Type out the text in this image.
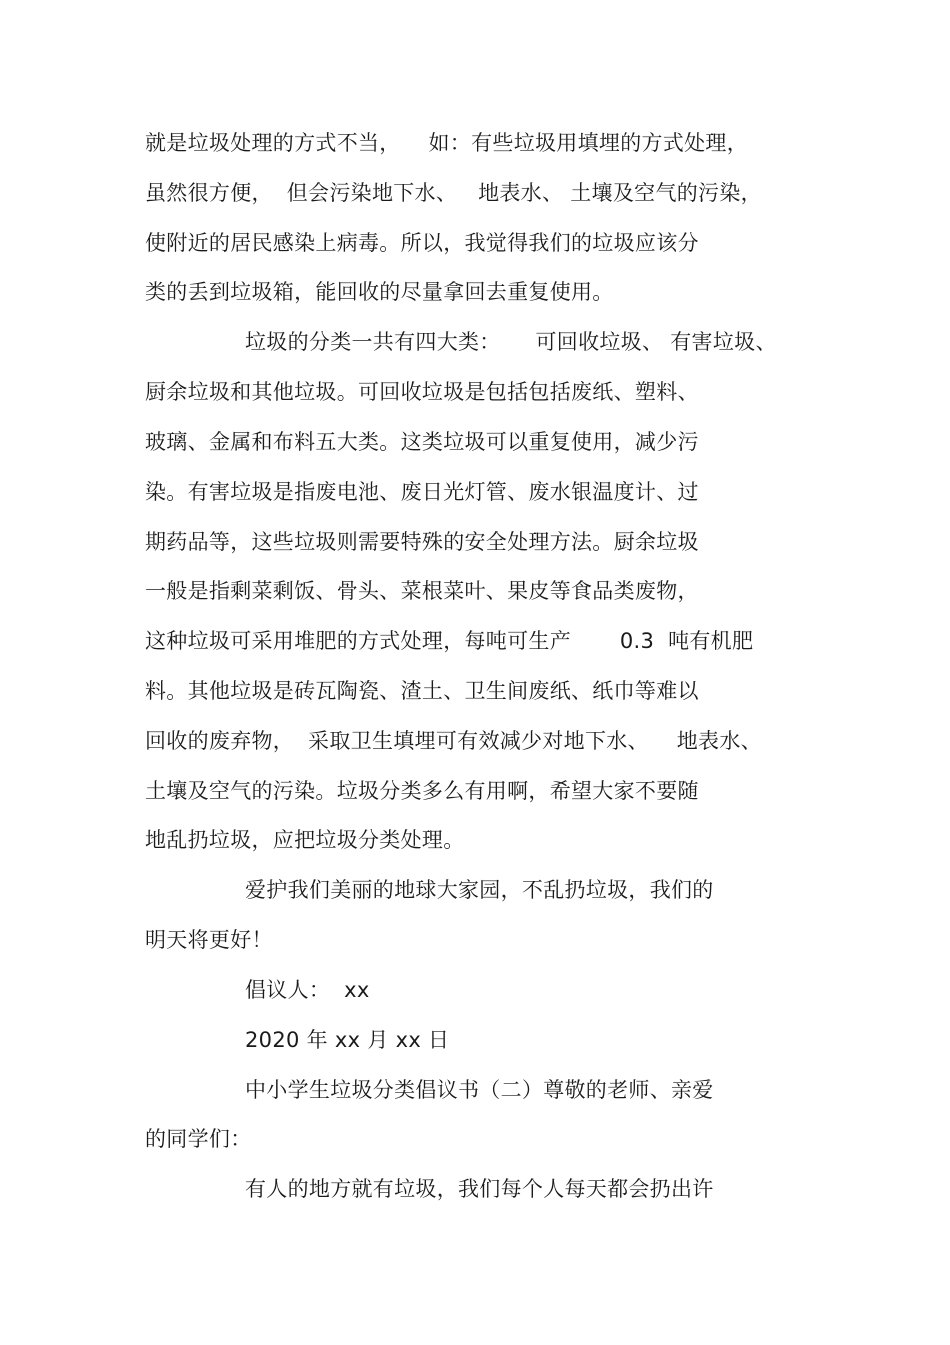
就是垃圾处理的方式不当，    如：有些垃圾用填埋的方式处理，
虽然很方便，  但会污染地下水、   地表水、 土壤及空气的污染，
使附近的居民感染上病毒。所以，我觉得我们的垃圾应该分
类的丢到垃圾箱，能回收的尽量拿回去重复使用。
垃圾的分类一共有四大类：     可回收垃圾、 有害垃圾、
厨余垃圾和其他垃圾。可回收垃圾是包括包括废纸、塑料、
玻璃、金属和布料五大类。这类垃圾可以重复使用，减少污
染。有害垃圾是指废电池、废日光灯管、废水银温度计、过
期药品等，这些垃圾则需要特殊的安全处理方法。厨余垃圾
一般是指剩菜剩饭、骨头、菜根菜叶、果皮等食品类废物，
这种垃圾可采用堆肥的方式处理，每吨可生产       0.3  吨有机肥
料。其他垃圾是砖瓦陶瓷、渣土、卫生间废纸、纸巾等难以
回收的废弃物，  采取卫生填埋可有效减少对地下水、    地表水、
土壤及空气的污染。垃圾分类多么有用啊，希望大家不要随
地乱扔垃圾，应把垃圾分类处理。
爱护我们美丽的地球大家园，不乱扔垃圾，我们的
明天将更好！
倡议人：  xx
2020 年 xx 月 xx 日
中小学生垃圾分类倡议书（二）尊敬的老师、亲爱
的同学们：
有人的地方就有垃圾，我们每个人每天都会扔出许
